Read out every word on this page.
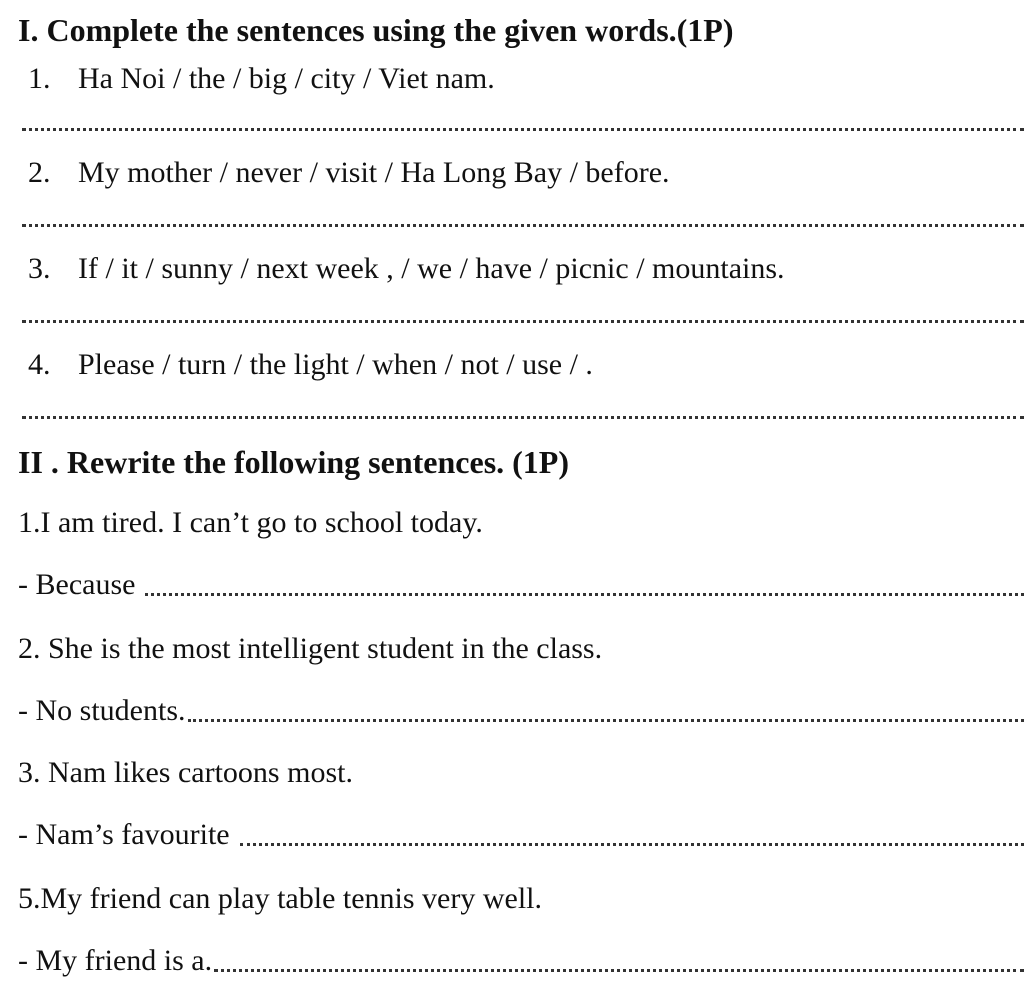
I. Complete the sentences using the given words.(1P)
1. Ha Noi / the / big / city / Viet nam.
2. My mother / never / visit / Ha Long Bay / before.
3. If / it / sunny / next week , / we / have / picnic / mountains.
4. Please / turn / the light / when / not / use / .
II . Rewrite the following sentences. (1P)
1.I am tired. I can’t go to school today.
- Because
2. She is the most intelligent student in the class.
- No students.
3. Nam likes cartoons most.
- Nam’s favourite
5.My friend can play table tennis very well.
- My friend is a.
